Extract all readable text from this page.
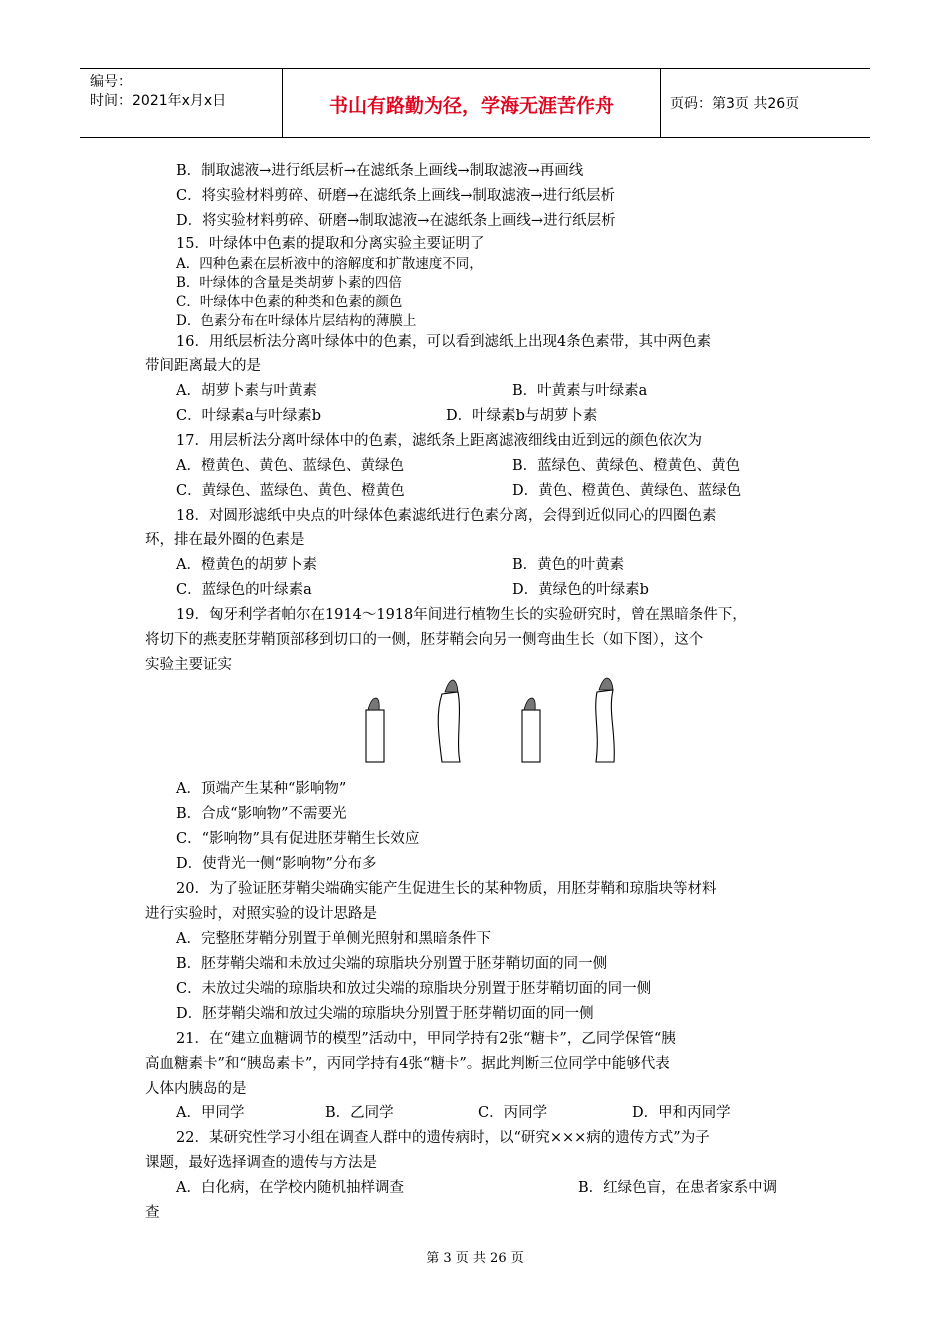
编号：
时间：2021年x月x日	书山有路勤为径，学海无涯苦作舟	页码：第3页 共26页
B．制取滤液→进行纸层析→在滤纸条上画线→制取滤液→再画线
C．将实验材料剪碎、研磨→在滤纸条上画线→制取滤液→进行纸层析
D．将实验材料剪碎、研磨→制取滤液→在滤纸条上画线→进行纸层析
15．叶绿体中色素的提取和分离实验主要证明了
A．四种色素在层析液中的溶解度和扩散速度不同，
B．叶绿体的含量是类胡萝卜素的四倍
C．叶绿体中色素的种类和色素的颜色
D．色素分布在叶绿体片层结构的薄膜上
16．用纸层析法分离叶绿体中的色素，可以看到滤纸上出现4条色素带，其中两色素
带间距离最大的是
A．胡萝卜素与叶黄素	B．叶黄素与叶绿素a
C．叶绿素a与叶绿素b	D．叶绿素b与胡萝卜素
17．用层析法分离叶绿体中的色素，滤纸条上距离滤液细线由近到远的颜色依次为
A．橙黄色、黄色、蓝绿色、黄绿色	B．蓝绿色、黄绿色、橙黄色、黄色
C．黄绿色、蓝绿色、黄色、橙黄色	D．黄色、橙黄色、黄绿色、蓝绿色
18．对圆形滤纸中央点的叶绿体色素滤纸进行色素分离，会得到近似同心的四圈色素
环，排在最外圈的色素是
A．橙黄色的胡萝卜素	B．黄色的叶黄素
C．蓝绿色的叶绿素a	D．黄绿色的叶绿素b
19．匈牙利学者帕尔在1914～1918年间进行植物生长的实验研究时，曾在黑暗条件下，
将切下的燕麦胚芽鞘顶部移到切口的一侧，胚芽鞘会向另一侧弯曲生长（如下图），这个
实验主要证实
A．顶端产生某种“影响物”
B．合成“影响物”不需要光
C．“影响物”具有促进胚芽鞘生长效应
D．使背光一侧“影响物”分布多
20．为了验证胚芽鞘尖端确实能产生促进生长的某种物质，用胚芽鞘和琼脂块等材料
进行实验时，对照实验的设计思路是
A．完整胚芽鞘分别置于单侧光照射和黑暗条件下
B．胚芽鞘尖端和未放过尖端的琼脂块分别置于胚芽鞘切面的同一侧
C．未放过尖端的琼脂块和放过尖端的琼脂块分别置于胚芽鞘切面的同一侧
D．胚芽鞘尖端和放过尖端的琼脂块分别置于胚芽鞘切面的同一侧
21．在“建立血糖调节的模型”活动中，甲同学持有2张“糖卡”，乙同学保管“胰
高血糖素卡”和“胰岛素卡”，丙同学持有4张“糖卡”。据此判断三位同学中能够代表
人体内胰岛的是
A．甲同学	B．乙同学	C．丙同学	D．甲和丙同学
22．某研究性学习小组在调查人群中的遗传病时，以“研究×××病的遗传方式”为子
课题，最好选择调查的遗传与方法是
A．白化病，在学校内随机抽样调查	B．红绿色盲，在患者家系中调
查
第 3 页 共 26 页
